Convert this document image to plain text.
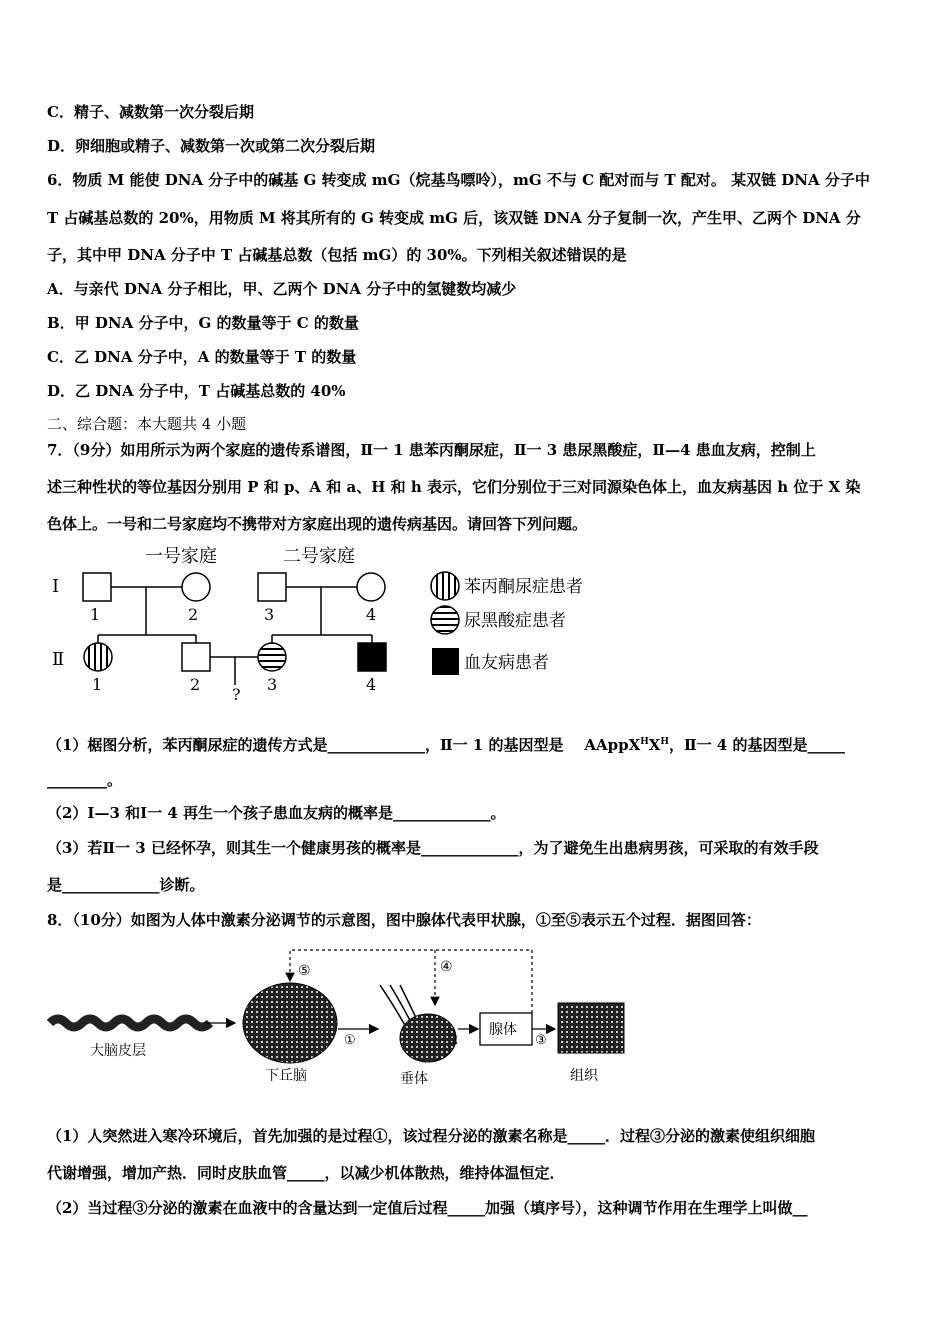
C．精子、减数第一次分裂后期
D．卵细胞或精子、减数第一次或第二次分裂后期
6．物质 M 能使 DNA 分子中的碱基 G 转变成 mG（烷基鸟嘌呤），mG 不与 C 配对而与 T 配对。 某双链 DNA 分子中
T 占碱基总数的 20%，用物质 M 将其所有的 G 转变成 mG 后，该双链 DNA 分子复制一次，产生甲、乙两个 DNA 分
子，其中甲 DNA 分子中 T 占碱基总数（包括 mG）的 30%。下列相关叙述错误的是
A．与亲代 DNA 分子相比，甲、乙两个 DNA 分子中的氢键数均减少
B．甲 DNA 分子中，G 的数量等于 C 的数量
C．乙 DNA 分子中，A 的数量等于 T 的数量
D．乙 DNA 分子中，T 占碱基总数的 40%
二、综合题：本大题共 4 小题
7．（9分）如用所示为两个家庭的遗传系谱图，Ⅱ一 1 患苯丙酮尿症，Ⅱ一 3 患尿黑酸症，Ⅱ—4 患血友病，控制上
述三种性状的等位基因分别用 P 和 p、A 和 a、H 和 h 表示，它们分别位于三对同源染色体上，血友病基因 h 位于 X 染
色体上。一号和二号家庭均不携带对方家庭出现的遗传病基因。请回答下列问题。
一号家庭	二号家庭
Ⅰ
Ⅱ
1	2	3	4
?
1	2	3	4
苯丙酮尿症患者
尿黑酸症患者
血友病患者
（1）椐图分析，苯丙酮尿症的遗传方式是_____________，Ⅱ一 1 的基因型是 $AAppX^HX^H$，Ⅱ一 4 的基因型是_____
________。
（2）Ⅰ—3 和Ⅰ一 4 再生一个孩子患血友病的概率是_____________。
（3）若Ⅱ一 3 已经怀孕，则其生一个健康男孩的概率是_____________，为了避免生出患病男孩，可采取的有效手段
是_____________诊断。
8．（10分）如图为人体中激素分泌调节的示意图，图中腺体代表甲状腺，①至⑤表示五个过程．据图回答：
大脑皮层
下丘脑
①
垂体
2
腺体
③
组织
⑤	④
（1）人突然进入寒冷环境后，首先加强的是过程①，该过程分泌的激素名称是_____．过程③分泌的激素使组织细胞
代谢增强，增加产热．同时皮肤血管_____，以减少机体散热，维持体温恒定．
（2）当过程③分泌的激素在血液中的含量达到一定值后过程_____加强（填序号），这种调节作用在生理学上叫做__
